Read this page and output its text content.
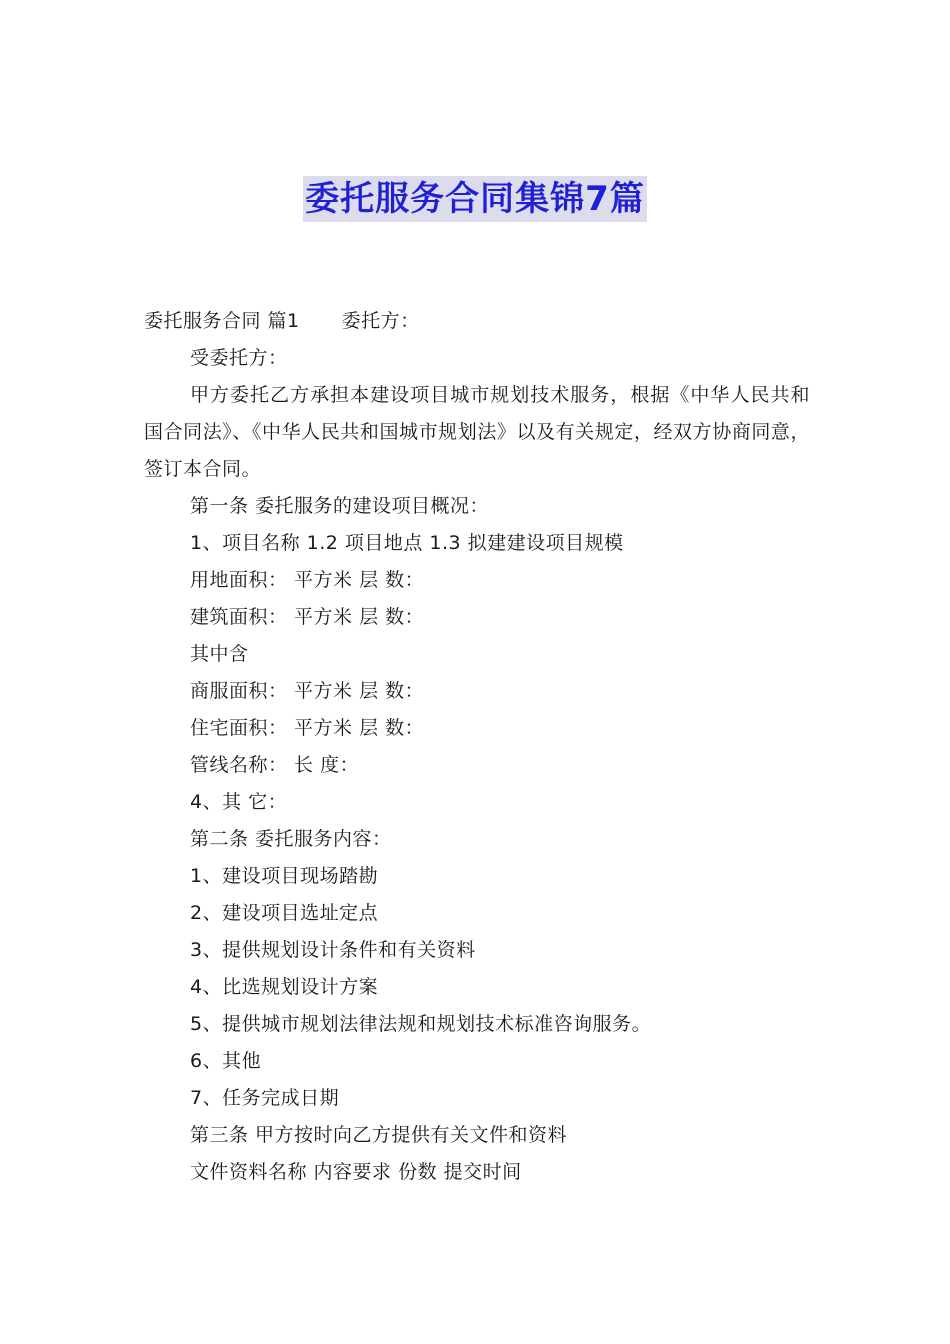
委托服务合同集锦7篇

委托服务合同 篇1 委托方：

受委托方：

甲方委托乙方承担本建设项目城市规划技术服务，根据《中华人民共和国合同法》、《中华人民共和国城市规划法》以及有关规定，经双方协商同意，签订本合同。

第一条 委托服务的建设项目概况：

1、项目名称 1.2 项目地点 1.3 拟建建设项目规模

用地面积： 平方米 层 数：

建筑面积： 平方米 层 数：

其中含

商服面积： 平方米 层 数：

住宅面积： 平方米 层 数：

管线名称： 长 度：

4、其 它：

第二条 委托服务内容：

1、建设项目现场踏勘

2、建设项目选址定点

3、提供规划设计条件和有关资料

4、比选规划设计方案

5、提供城市规划法律法规和规划技术标准咨询服务。

6、其他

7、任务完成日期

第三条 甲方按时向乙方提供有关文件和资料

文件资料名称 内容要求 份数 提交时间
